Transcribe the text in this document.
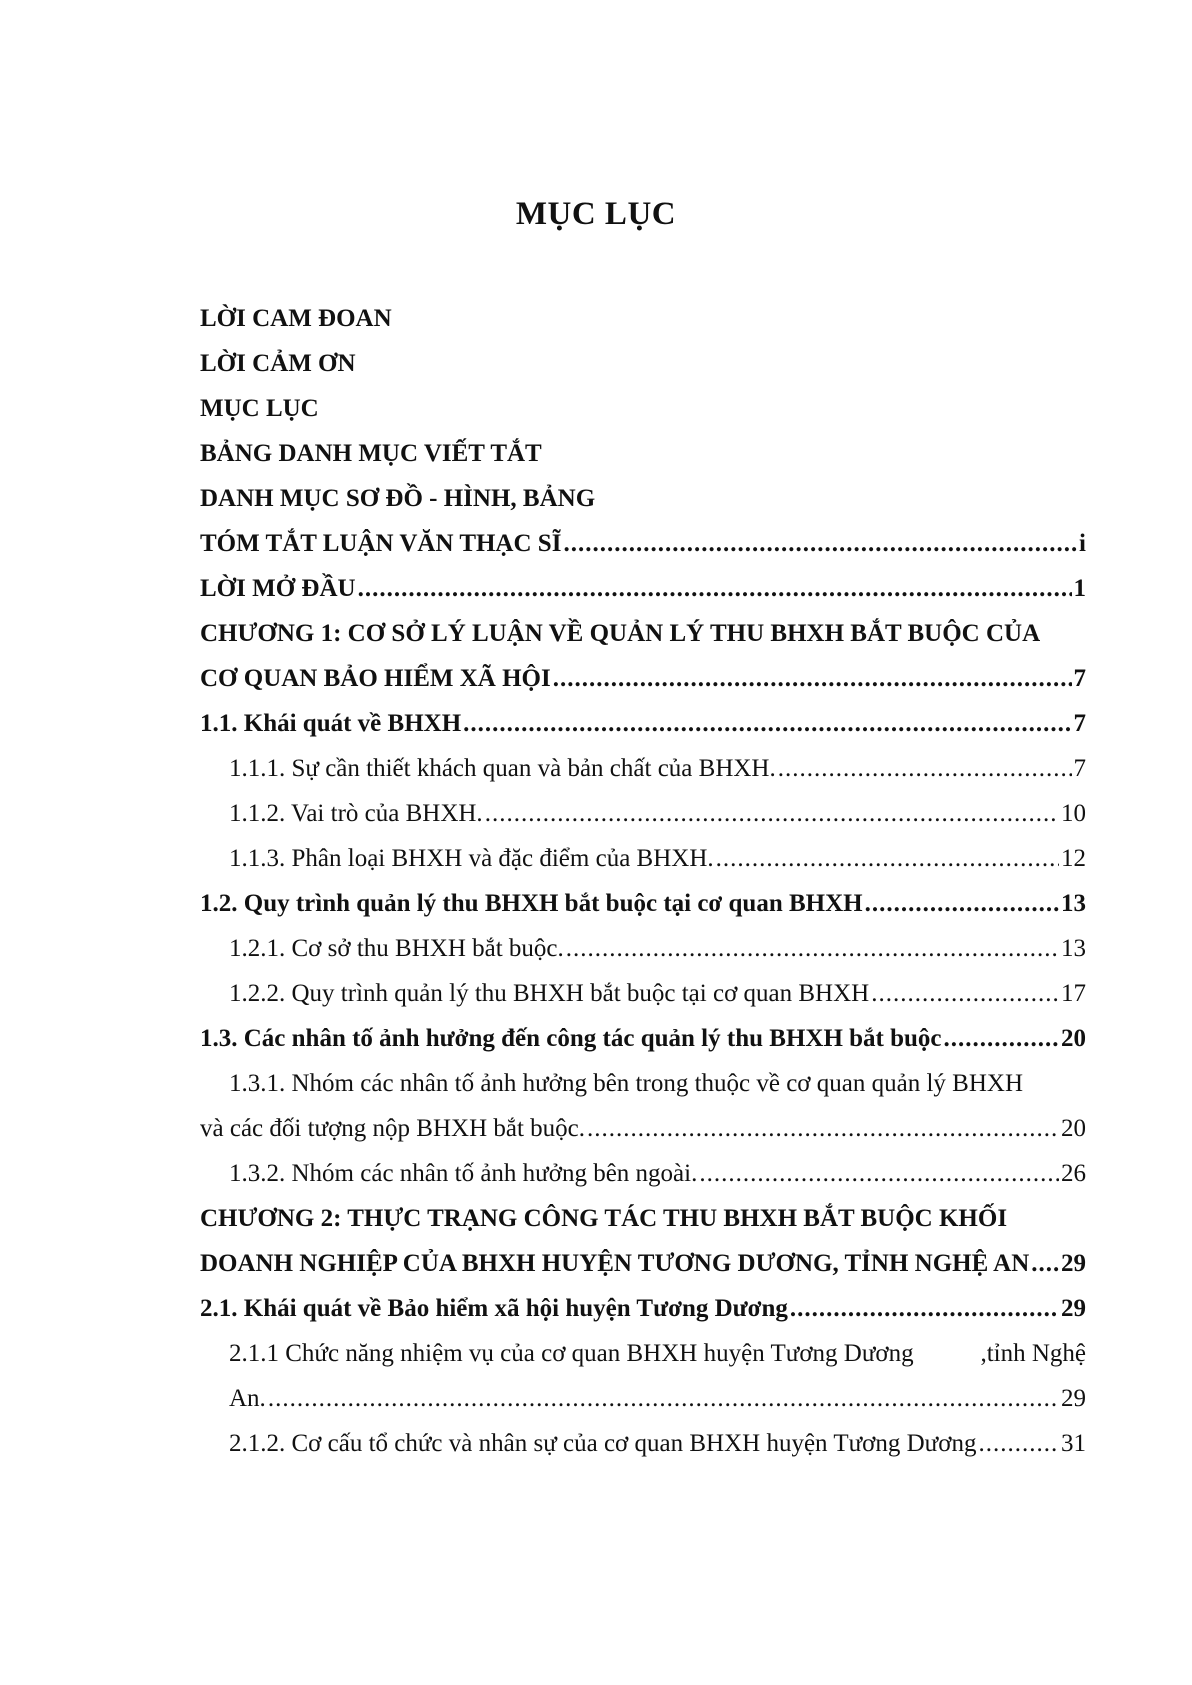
MỤC LỤC
LỜI CAM ĐOAN
LỜI CẢM ƠN
MỤC LỤC
BẢNG DANH MỤC VIẾT TẮT
DANH MỤC SƠ ĐỒ - HÌNH, BẢNG
TÓM TẮT LUẬN VĂN THẠC SĨ .....	i
LỜI MỞ ĐẦU .....	1
CHƯƠNG 1: CƠ SỞ LÝ LUẬN VỀ QUẢN LÝ THU BHXH BẮT BUỘC CỦA
CƠ QUAN BẢO HIỂM XÃ HỘI .....	7
1.1. Khái quát về BHXH .....	7
1.1.1. Sự cần thiết khách quan và bản chất của BHXH. .....	7
1.1.2. Vai trò của BHXH. .....	10
1.1.3. Phân loại BHXH và đặc điểm của BHXH. .....	12
1.2. Quy trình quản lý thu BHXH bắt buộc tại cơ quan BHXH .....	13
1.2.1. Cơ sở thu BHXH bắt buộc. .....	13
1.2.2. Quy trình quản lý thu BHXH bắt buộc tại cơ quan BHXH .....	17
1.3. Các nhân tố ảnh hưởng đến công tác quản lý thu BHXH bắt buộc .....	20
1.3.1. Nhóm các nhân tố ảnh hưởng bên trong thuộc về cơ quan quản lý BHXH
và các đối tượng nộp BHXH bắt buộc. .....	20
1.3.2. Nhóm các nhân tố ảnh hưởng bên ngoài. .....	26
CHƯƠNG 2: THỰC TRẠNG CÔNG TÁC THU BHXH BẮT BUỘC KHỐI
DOANH NGHIỆP CỦA BHXH HUYỆN TƯƠNG DƯƠNG, TỈNH NGHỆ AN ..... 29
2.1. Khái quát về Bảo hiểm xã hội huyện Tương Dương .....	29
2.1.1 Chức năng nhiệm vụ của cơ quan BHXH huyện Tương Dương	,tỉnh Nghệ
An. .....	29
2.1.2. Cơ cấu tổ chức và nhân sự của cơ quan BHXH huyện Tương Dương .....	31
